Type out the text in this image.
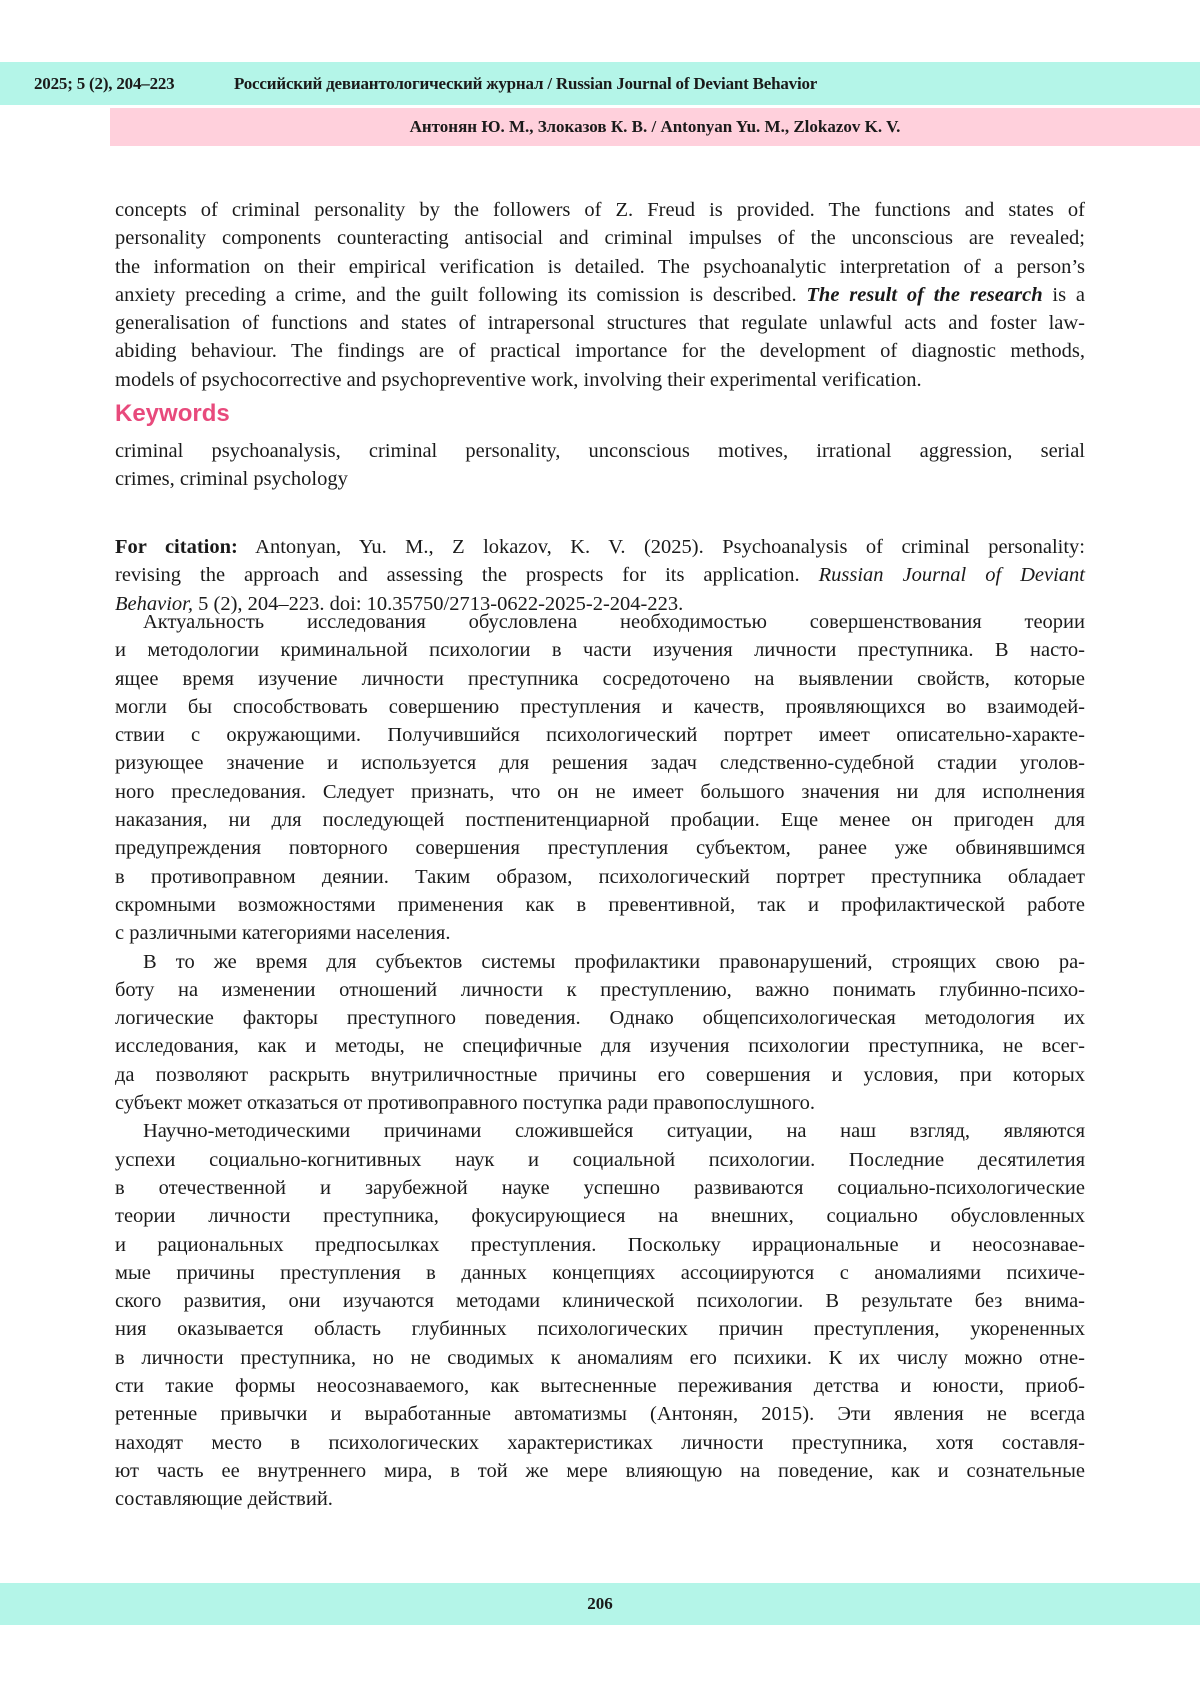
2025; 5 (2), 204–223	Российский девиантологический журнал / Russian Journal of Deviant Behavior
Антонян Ю. М., Злоказов К. В. / Antonyan Yu. M., Zlokazov K. V.
concepts of criminal personality by the followers of Z. Freud is provided. The functions and states of
personality components counteracting antisocial and criminal impulses of the unconscious are revealed;
the information on their empirical verification is detailed. The psychoanalytic interpretation of a person’s
anxiety preceding a crime, and the guilt following its comission is described. The result of the research is a
generalisation of functions and states of intrapersonal structures that regulate unlawful acts and foster law-
abiding behaviour. The findings are of practical importance for the development of diagnostic methods,
models of psychocorrective and psychopreventive work, involving their experimental verification.
Keywords
criminal psychoanalysis, criminal personality, unconscious motives, irrational aggression, serial
crimes, criminal psychology
For citation: Antonyan, Yu. M., Z lokazov, K. V. (2025). Psychoanalysis of criminal personality:
revising the approach and assessing the prospects for its application. Russian Journal of Deviant
Behavior, 5 (2), 204–223. doi: 10.35750/2713-0622-2025-2-204-223.
Актуальность исследования обусловлена необходимостью совершенствования теории
и методологии криминальной психологии в части изучения личности преступника. В насто-
ящее время изучение личности преступника сосредоточено на выявлении свойств, которые
могли бы способствовать совершению преступления и качеств, проявляющихся во взаимодей-
ствии с окружающими. Получившийся психологический портрет имеет описательно-характе-
ризующее значение и используется для решения задач следственно-судебной стадии уголов-
ного преследования. Следует признать, что он не имеет большого значения ни для исполнения
наказания, ни для последующей постпенитенциарной пробации. Еще менее он пригоден для
предупреждения повторного совершения преступления субъектом, ранее уже обвинявшимся
в противоправном деянии. Таким образом, психологический портрет преступника обладает
скромными возможностями применения как в превентивной, так и профилактической работе
с различными категориями населения.
В то же время для субъектов системы профилактики правонарушений, строящих свою ра-
боту на изменении отношений личности к преступлению, важно понимать глубинно-психо-
логические факторы преступного поведения. Однако общепсихологическая методология их
исследования, как и методы, не специфичные для изучения психологии преступника, не всег-
да позволяют раскрыть внутриличностные причины его совершения и условия, при которых
субъект может отказаться от противоправного поступка ради правопослушного.
Научно-методическими причинами сложившейся ситуации, на наш взгляд, являются
успехи социально-когнитивных наук и социальной психологии. Последние десятилетия
в отечественной и зарубежной науке успешно развиваются социально-психологические
теории личности преступника, фокусирующиеся на внешних, социально обусловленных
и рациональных предпосылках преступления. Поскольку иррациональные и неосознавае-
мые причины преступления в данных концепциях ассоциируются с аномалиями психиче-
ского развития, они изучаются методами клинической психологии. В результате без внима-
ния оказывается область глубинных психологических причин преступления, укорененных
в личности преступника, но не сводимых к аномалиям его психики. К их числу можно отне-
сти такие формы неосознаваемого, как вытесненные переживания детства и юности, приоб-
ретенные привычки и выработанные автоматизмы (Антонян, 2015). Эти явления не всегда
находят место в психологических характеристиках личности преступника, хотя составля-
ют часть ее внутреннего мира, в той же мере влияющую на поведение, как и сознательные
составляющие действий.
206
